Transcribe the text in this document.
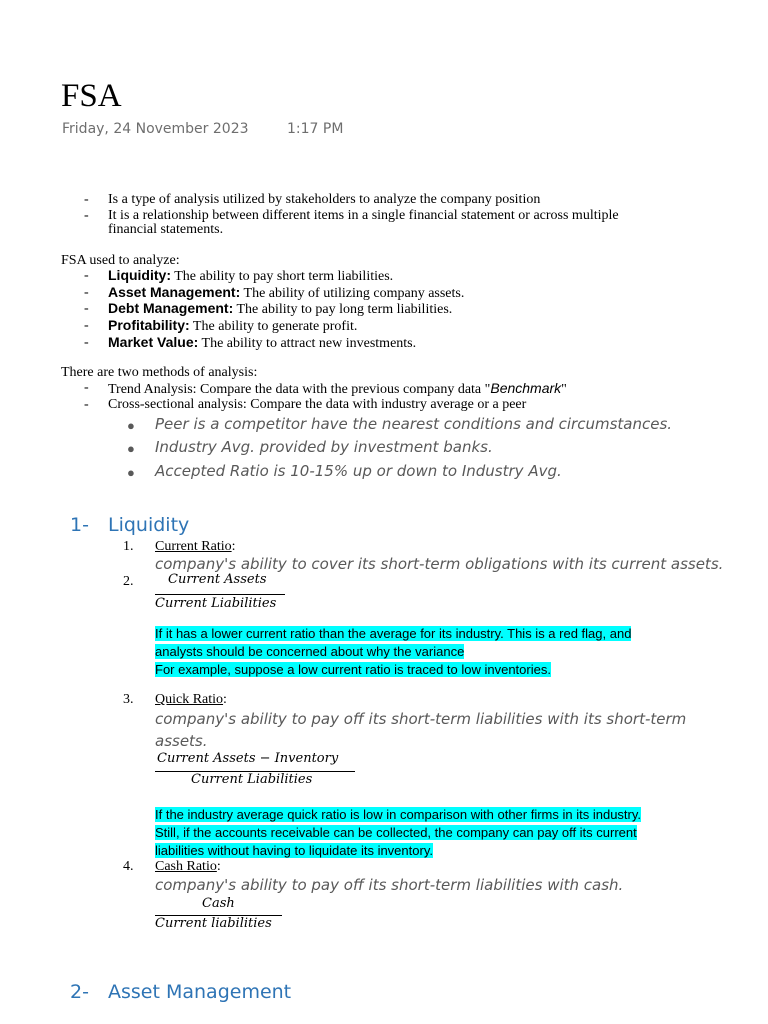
FSA
Friday, 24 November 2023	1:17 PM
- Is a type of analysis utilized by stakeholders to analyze the company position
- It is a relationship between different items in a single financial statement or across multiple
financial statements.
FSA used to analyze:
- Liquidity: The ability to pay short term liabilities.
- Asset Management: The ability of utilizing company assets.
- Debt Management: The ability to pay long term liabilities.
- Profitability: The ability to generate profit.
- Market Value: The ability to attract new investments.
There are two methods of analysis:
- Trend Analysis: Compare the data with the previous company data "Benchmark"
- Cross-sectional analysis: Compare the data with industry average or a peer
● Peer is a competitor have the nearest conditions and circumstances.
● Industry Avg. provided by investment banks.
● Accepted Ratio is 10-15% up or down to Industry Avg.
1- Liquidity
1. Current Ratio:
company's ability to cover its short-term obligations with its current assets.
2.	Current Assets
Current Liabilities
If it has a lower current ratio than the average for its industry. This is a red flag, and
analysts should be concerned about why the variance
For example, suppose a low current ratio is traced to low inventories.
3. Quick Ratio:
company's ability to pay off its short-term liabilities with its short-term
assets.
Current Assets − Inventory
Current Liabilities
If the industry average quick ratio is low in comparison with other firms in its industry.
Still, if the accounts receivable can be collected, the company can pay off its current
liabilities without having to liquidate its inventory.
4. Cash Ratio:
company's ability to pay off its short-term liabilities with cash.
Cash
Current liabilities
2- Asset Management
